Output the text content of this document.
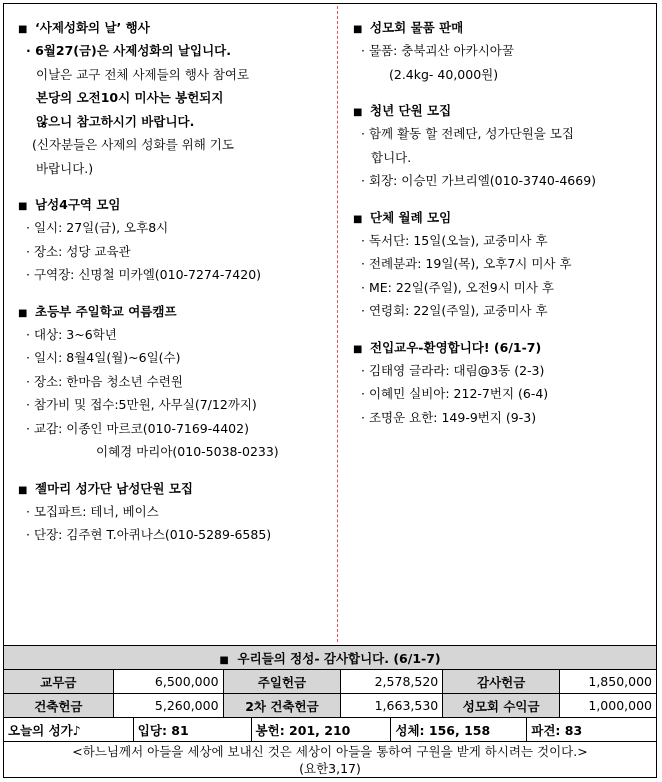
■ ‘사제성화의 날’ 행사
· 6월27(금)은 사제성화의 날입니다.
이날은 교구 전체 사제들의 행사 참여로
본당의 오전10시 미사는 봉헌되지
않으니 참고하시기 바랍니다.
(신자분들은 사제의 성화를 위해 기도
바랍니다.)
■ 남성4구역 모임
· 일시: 27일(금), 오후8시
· 장소: 성당 교육관
· 구역장: 신명철 미카엘(010-7274-7420)
■ 초등부 주일학교 여름캠프
· 대상: 3~6학년
· 일시: 8월4일(월)~6일(수)
· 장소: 한마음 청소년 수련원
· 참가비 및 접수:5만원, 사무실(7/12까지)
· 교감: 이종인 마르코(010-7169-4402)
이혜경 마리아(010-5038-0233)
■ 젤마리 성가단 남성단원 모집
· 모집파트: 테너, 베이스
· 단장: 김주현 T.아퀴나스(010-5289-6585)
■ 성모회 물품 판매
· 물품: 충북괴산 아카시아꿀
(2.4kg- 40,000원)
■ 청년 단원 모집
· 함께 활동 할 전례단, 성가단원을 모집
합니다.
· 회장: 이승민 가브리엘(010-3740-4669)
■ 단체 월례 모임
· 독서단: 15일(오늘), 교중미사 후
· 전례분과: 19일(목), 오후7시 미사 후
· ME: 22일(주일), 오전9시 미사 후
· 연령회: 22일(주일), 교중미사 후
■ 전입교우-환영합니다! (6/1-7)
· 김태영 글라라: 대림@3동 (2-3)
· 이혜민 실비아: 212-7번지 (6-4)
· 조명운 요한: 149-9번지 (9-3)
■ 우리들의 정성- 감사합니다. (6/1-7)
교무금	6,500,000	주일헌금	2,578,520	감사헌금	1,850,000
건축헌금	5,260,000	2차 건축헌금	1,663,530	성모회 수익금	1,000,000
오늘의 성가♪	입당: 81	봉헌: 201, 210	성체: 156, 158	파견: 83
<하느님께서 아들을 세상에 보내신 것은 세상이 아들을 통하여 구원을 받게 하시려는 것이다.>
(요한3,17)
